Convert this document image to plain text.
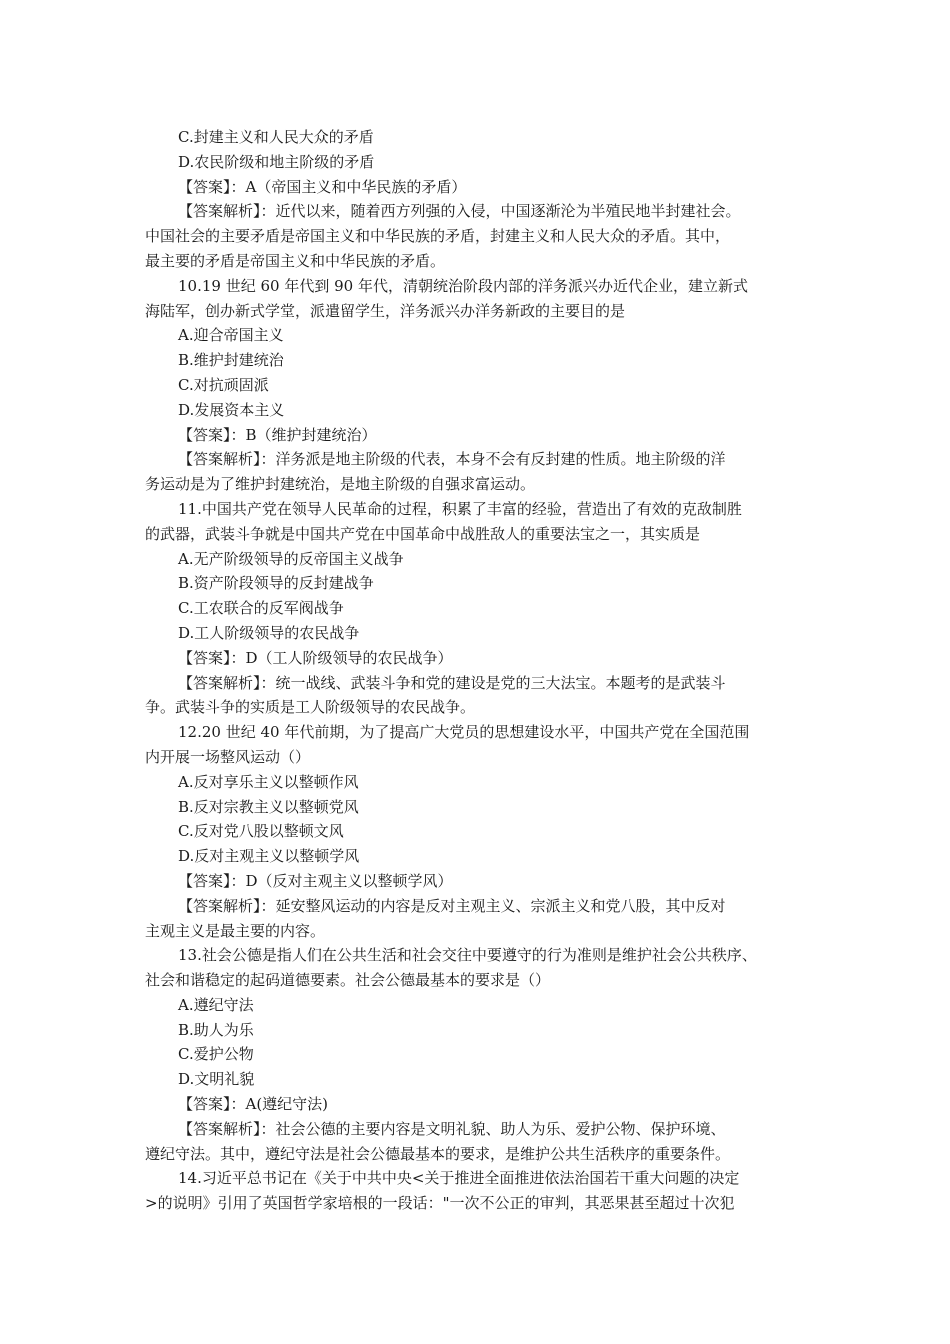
C.封建主义和人民大众的矛盾
D.农民阶级和地主阶级的矛盾
【答案】：A（帝国主义和中华民族的矛盾）
【答案解析】：近代以来，随着西方列强的入侵，中国逐渐沦为半殖民地半封建社会。
中国社会的主要矛盾是帝国主义和中华民族的矛盾，封建主义和人民大众的矛盾。其中，
最主要的矛盾是帝国主义和中华民族的矛盾。
10.19 世纪 60 年代到 90 年代，清朝统治阶段内部的洋务派兴办近代企业，建立新式
海陆军，创办新式学堂，派遣留学生，洋务派兴办洋务新政的主要目的是
A.迎合帝国主义
B.维护封建统治
C.对抗顽固派
D.发展资本主义
【答案】：B（维护封建统治）
【答案解析】：洋务派是地主阶级的代表，本身不会有反封建的性质。地主阶级的洋
务运动是为了维护封建统治，是地主阶级的自强求富运动。
11.中国共产党在领导人民革命的过程，积累了丰富的经验，营造出了有效的克敌制胜
的武器，武装斗争就是中国共产党在中国革命中战胜敌人的重要法宝之一，其实质是
A.无产阶级领导的反帝国主义战争
B.资产阶段领导的反封建战争
C.工农联合的反军阀战争
D.工人阶级领导的农民战争
【答案】：D（工人阶级领导的农民战争）
【答案解析】：统一战线、武装斗争和党的建设是党的三大法宝。本题考的是武装斗
争。武装斗争的实质是工人阶级领导的农民战争。
12.20 世纪 40 年代前期，为了提高广大党员的思想建设水平，中国共产党在全国范围
内开展一场整风运动（）
A.反对享乐主义以整顿作风
B.反对宗教主义以整顿党风
C.反对党八股以整顿文风
D.反对主观主义以整顿学风
【答案】：D（反对主观主义以整顿学风）
【答案解析】：延安整风运动的内容是反对主观主义、宗派主义和党八股，其中反对
主观主义是最主要的内容。
13.社会公德是指人们在公共生活和社会交往中要遵守的行为准则是维护社会公共秩序、
社会和谐稳定的起码道德要素。社会公德最基本的要求是（）
A.遵纪守法
B.助人为乐
C.爱护公物
D.文明礼貌
【答案】：A(遵纪守法)
【答案解析】：社会公德的主要内容是文明礼貌、助人为乐、爱护公物、保护环境、
遵纪守法。其中，遵纪守法是社会公德最基本的要求，是维护公共生活秩序的重要条件。
14.习近平总书记在《关于中共中央<关于推进全面推进依法治国若干重大问题的决定
>的说明》引用了英国哲学家培根的一段话："一次不公正的审判，其恶果甚至超过十次犯
